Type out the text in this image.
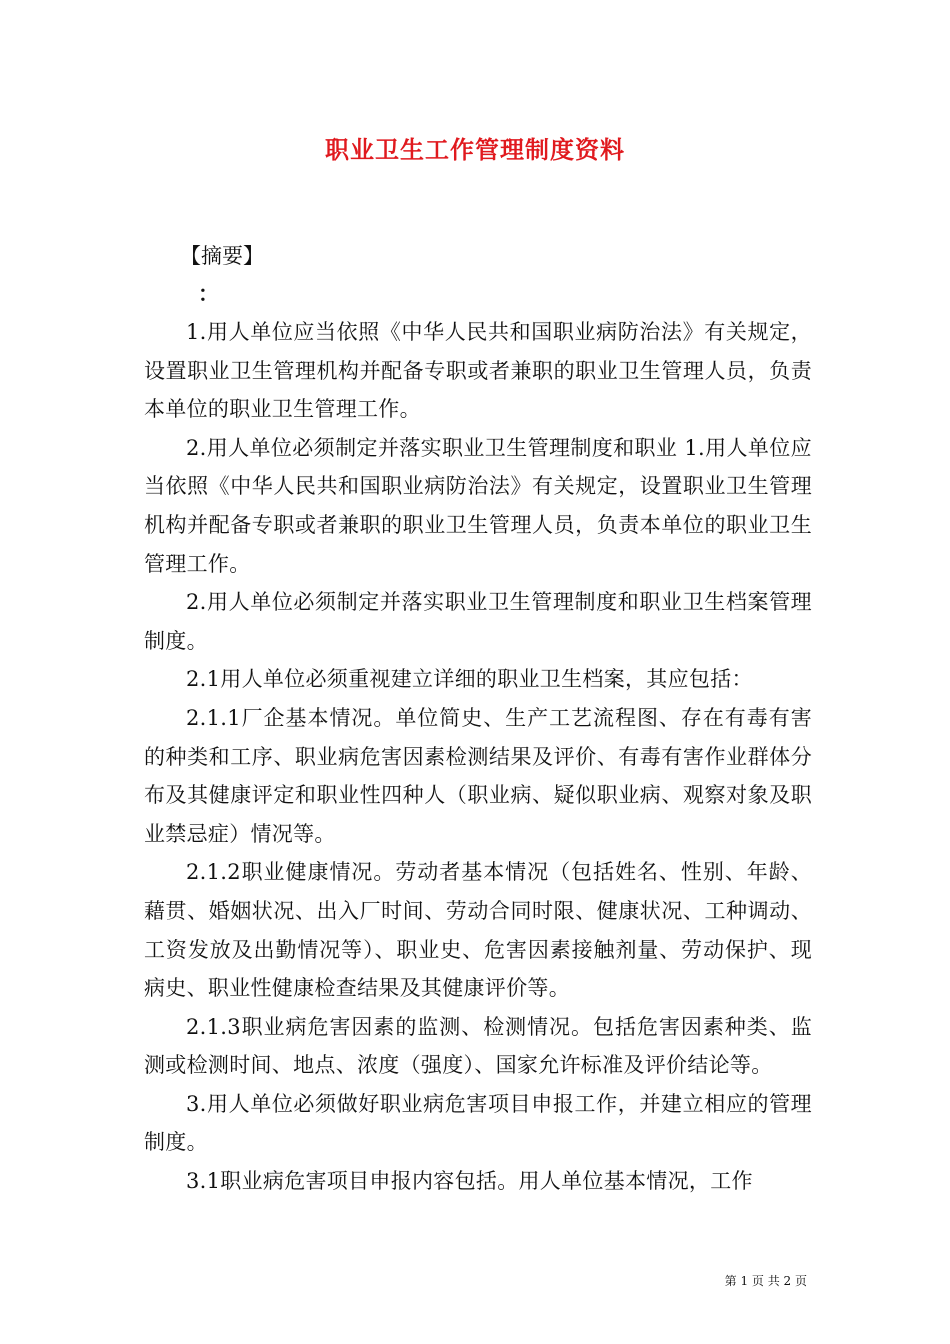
职业卫生工作管理制度资料
【摘要】
：

1.用人单位应当依照《中华人民共和国职业病防治法》有关规定，设置职业卫生管理机构并配备专职或者兼职的职业卫生管理人员，负责本单位的职业卫生管理工作。

2.用人单位必须制定并落实职业卫生管理制度和职业 1.用人单位应当依照《中华人民共和国职业病防治法》有关规定，设置职业卫生管理机构并配备专职或者兼职的职业卫生管理人员，负责本单位的职业卫生管理工作。

2.用人单位必须制定并落实职业卫生管理制度和职业卫生档案管理制度。

2.1用人单位必须重视建立详细的职业卫生档案，其应包括：

2.1.1厂企基本情况。单位简史、生产工艺流程图、存在有毒有害的种类和工序、职业病危害因素检测结果及评价、有毒有害作业群体分布及其健康评定和职业性四种人（职业病、疑似职业病、观察对象及职业禁忌症）情况等。

2.1.2职业健康情况。劳动者基本情况（包括姓名、性别、年龄、藉贯、婚姻状况、出入厂时间、劳动合同时限、健康状况、工种调动、工资发放及出勤情况等）、职业史、危害因素接触剂量、劳动保护、现病史、职业性健康检查结果及其健康评价等。

2.1.3职业病危害因素的监测、检测情况。包括危害因素种类、监测或检测时间、地点、浓度（强度）、国家允许标准及评价结论等。

3.用人单位必须做好职业病危害项目申报工作，并建立相应的管理制度。

3.1职业病危害项目申报内容包括。用人单位基本情况，工作

第 1 页 共 2 页
